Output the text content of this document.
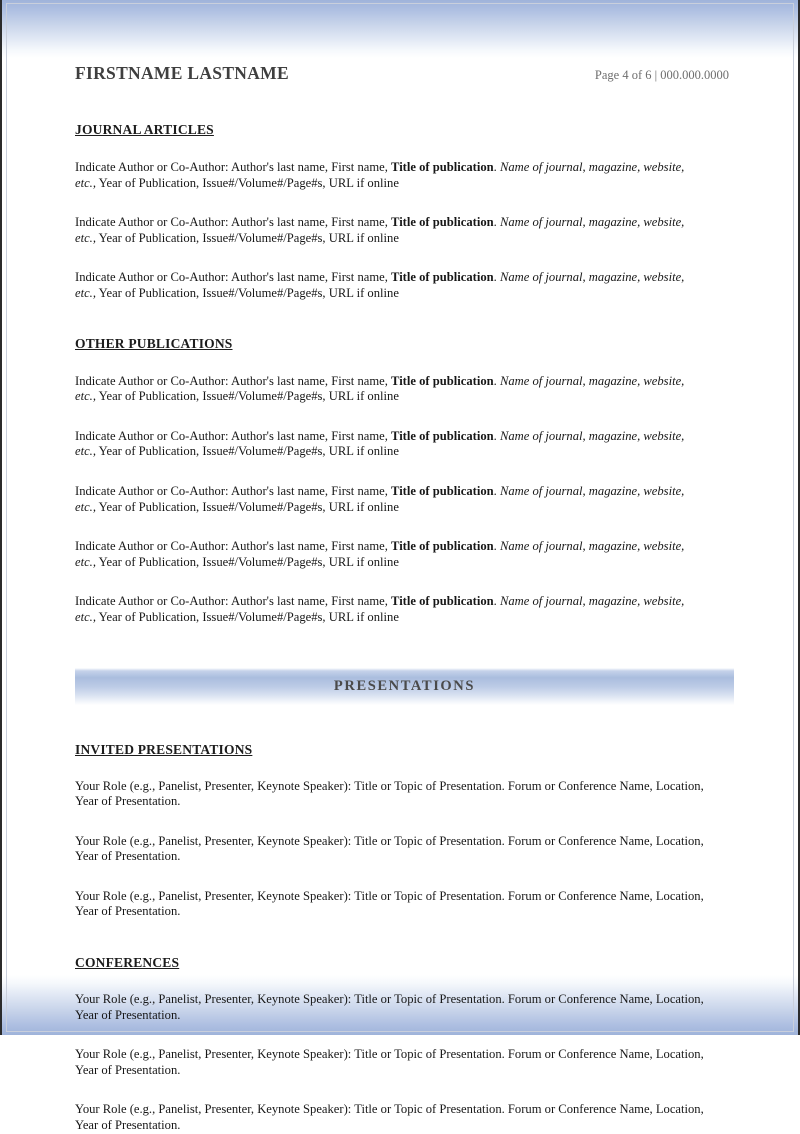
FIRSTNAME LASTNAME	Page 4 of 6 | 000.000.0000
JOURNAL ARTICLES

Indicate Author or Co-Author: Author's last name, First name, Title of publication. Name of journal, magazine, website, etc., Year of Publication, Issue#/Volume#/Page#s, URL if online

Indicate Author or Co-Author: Author's last name, First name, Title of publication. Name of journal, magazine, website, etc., Year of Publication, Issue#/Volume#/Page#s, URL if online

Indicate Author or Co-Author: Author's last name, First name, Title of publication. Name of journal, magazine, website, etc., Year of Publication, Issue#/Volume#/Page#s, URL if online

OTHER PUBLICATIONS

Indicate Author or Co-Author: Author's last name, First name, Title of publication. Name of journal, magazine, website, etc., Year of Publication, Issue#/Volume#/Page#s, URL if online

Indicate Author or Co-Author: Author's last name, First name, Title of publication. Name of journal, magazine, website, etc., Year of Publication, Issue#/Volume#/Page#s, URL if online

Indicate Author or Co-Author: Author's last name, First name, Title of publication. Name of journal, magazine, website, etc., Year of Publication, Issue#/Volume#/Page#s, URL if online

Indicate Author or Co-Author: Author's last name, First name, Title of publication. Name of journal, magazine, website, etc., Year of Publication, Issue#/Volume#/Page#s, URL if online

Indicate Author or Co-Author: Author's last name, First name, Title of publication. Name of journal, magazine, website, etc., Year of Publication, Issue#/Volume#/Page#s, URL if online

PRESENTATIONS
INVITED PRESENTATIONS

Your Role (e.g., Panelist, Presenter, Keynote Speaker): Title or Topic of Presentation. Forum or Conference Name, Location, Year of Presentation.

Your Role (e.g., Panelist, Presenter, Keynote Speaker): Title or Topic of Presentation. Forum or Conference Name, Location, Year of Presentation.

Your Role (e.g., Panelist, Presenter, Keynote Speaker): Title or Topic of Presentation. Forum or Conference Name, Location, Year of Presentation.

CONFERENCES

Your Role (e.g., Panelist, Presenter, Keynote Speaker): Title or Topic of Presentation. Forum or Conference Name, Location, Year of Presentation.

Your Role (e.g., Panelist, Presenter, Keynote Speaker): Title or Topic of Presentation. Forum or Conference Name, Location, Year of Presentation.

Your Role (e.g., Panelist, Presenter, Keynote Speaker): Title or Topic of Presentation. Forum or Conference Name, Location, Year of Presentation.
